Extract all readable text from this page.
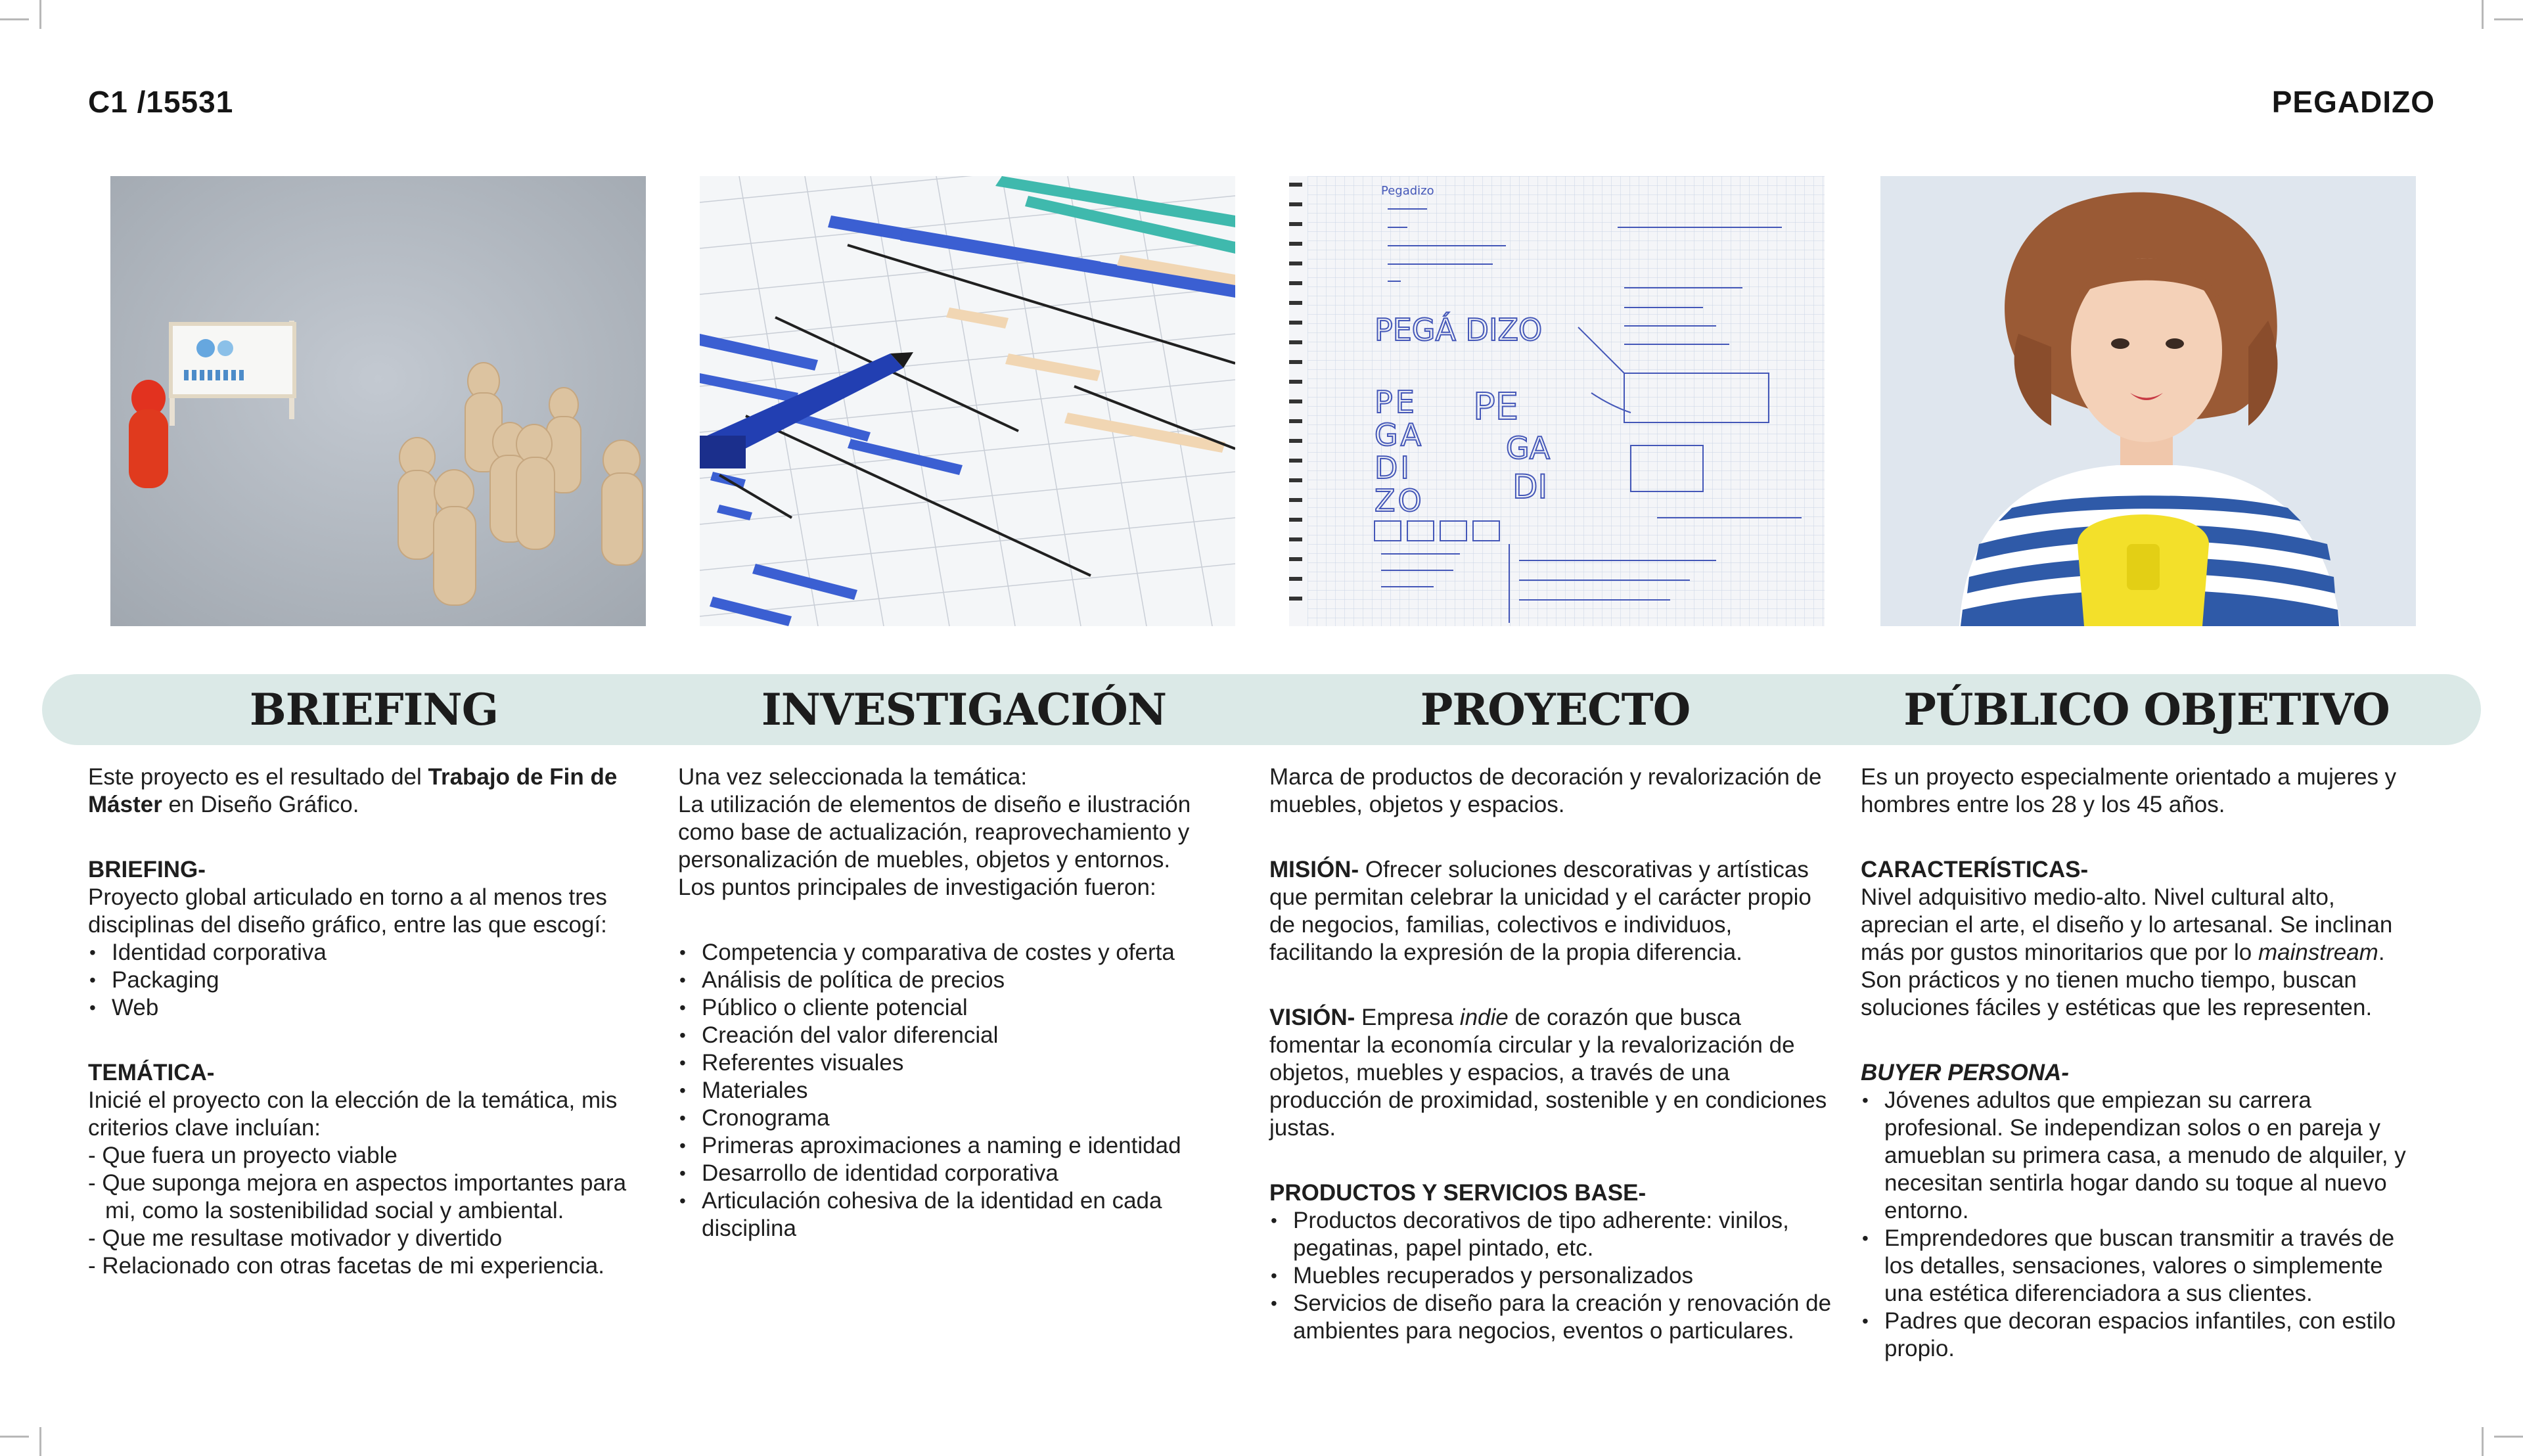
C1 /15531	PEGADIZO
Pegadizo
PEGÁ DIZO
PE
GA
DI
ZO
PE
GA
DI
BRIEFING	INVESTIGACIÓN	PROYECTO	PÚBLICO OBJETIVO

Este proyecto es el resultado del Trabajo de Fin de Máster en Diseño Gráfico.

BRIEFING-

Proyecto global articulado en torno a al menos tres disciplinas del diseño gráfico, entre las que escogí:

• Identidad corporativa
• Packaging
• Web

TEMÁTICA-

Inicié el proyecto con la elección de la temática, mis criterios clave incluían:

- Que fuera un proyecto viable

- Que suponga mejora en aspectos importantes para mi, como la sostenibilidad social y ambiental.

- Que me resultase motivador y divertido

- Relacionado con otras facetas de mi experiencia.

Una vez seleccionada la temática:

La utilización de elementos de diseño e ilustración como base de actualización, reaprovechamiento y personalización de muebles, objetos y entornos.

Los puntos principales de investigación fueron:

• Competencia y comparativa de costes y oferta
• Análisis de política de precios
• Público o cliente potencial
• Creación del valor diferencial
• Referentes visuales
• Materiales
• Cronograma
• Primeras aproximaciones a naming e identidad
• Desarrollo de identidad corporativa
• Articulación cohesiva de la identidad en cada disciplina

Marca de productos de decoración y revalorización de muebles, objetos y espacios.

MISIÓN- Ofrecer soluciones descorativas y artísticas que permitan celebrar la unicidad y el carácter propio de negocios, familias, colectivos e individuos, facilitando la expresión de la propia diferencia.

VISIÓN- Empresa indie de corazón que busca fomentar la economía circular y la revalorización de objetos, muebles y espacios, a través de una producción de proximidad, sostenible y en condiciones justas.

PRODUCTOS Y SERVICIOS BASE-

• Productos decorativos de tipo adherente: vinilos, pegatinas, papel pintado, etc.
• Muebles recuperados y personalizados
• Servicios de diseño para la creación y renovación de ambientes para negocios, eventos o particulares.

Es un proyecto especialmente orientado a mujeres y hombres entre los 28 y los 45 años.

CARACTERÍSTICAS-

Nivel adquisitivo medio-alto. Nivel cultural alto, aprecian el arte, el diseño y lo artesanal. Se inclinan más por gustos minoritarios que por lo mainstream.

Son prácticos y no tienen mucho tiempo, buscan soluciones fáciles y estéticas que les representen.

BUYER PERSONA-

• Jóvenes adultos que empiezan su carrera profesional. Se independizan solos o en pareja y amueblan su primera casa, a menudo de alquiler, y necesitan sentirla hogar dando su toque al nuevo entorno.
• Emprendedores que buscan transmitir a través de los detalles, sensaciones, valores o simplemente una estética diferenciadora a sus clientes.
• Padres que decoran espacios infantiles, con estilo propio.
